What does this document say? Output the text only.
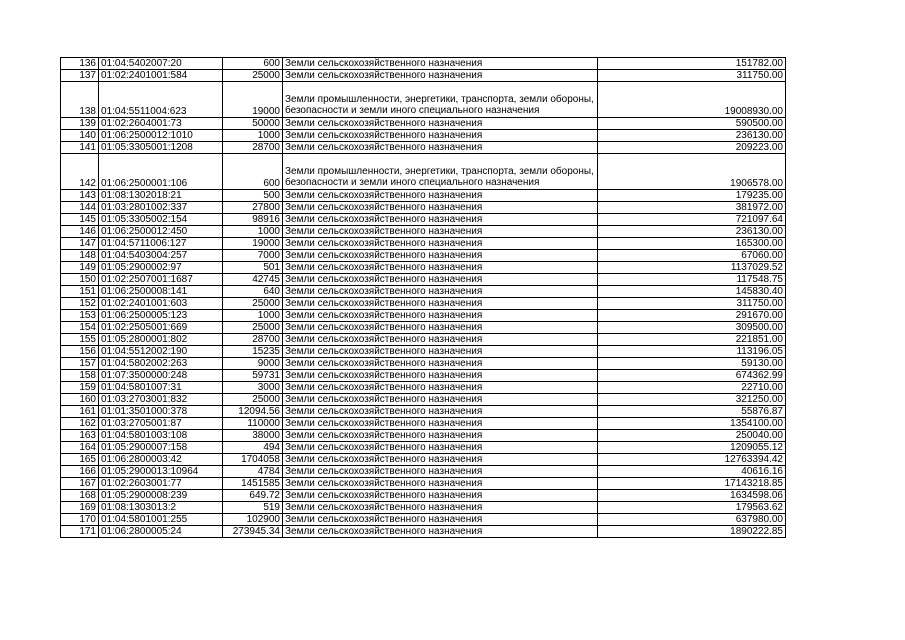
136	01:04:5402007:20	600	Земли сельскохозяйственного назначения	151782.00
137	01:02:2401001:584	25000	Земли сельскохозяйственного назначения	311750.00
138	01:04:5511004:623	19000	Земли промышленности, энергетики, транспорта, земли обороны, безопасности и земли иного специального назначения	19008930.00
139	01:02:2604001:73	50000	Земли сельскохозяйственного назначения	590500.00
140	01:06:2500012:1010	1000	Земли сельскохозяйственного назначения	236130.00
141	01:05:3305001:1208	28700	Земли сельскохозяйственного назначения	209223.00
142	01:06:2500001:106	600	Земли промышленности, энергетики, транспорта, земли обороны, безопасности и земли иного специального назначения	1906578.00
143	01:08:1302018:21	500	Земли сельскохозяйственного назначения	179235.00
144	01:03:2801002:337	27800	Земли сельскохозяйственного назначения	381972.00
145	01:05:3305002:154	98916	Земли сельскохозяйственного назначения	721097.64
146	01:06:2500012:450	1000	Земли сельскохозяйственного назначения	236130.00
147	01:04:5711006:127	19000	Земли сельскохозяйственного назначения	165300.00
148	01:04:5403004:257	7000	Земли сельскохозяйственного назначения	67060.00
149	01:05:2900002:97	501	Земли сельскохозяйственного назначения	1137029.52
150	01:02:2507001:1687	42745	Земли сельскохозяйственного назначения	117548.75
151	01:06:2500008:141	640	Земли сельскохозяйственного назначения	145830.40
152	01:02:2401001:603	25000	Земли сельскохозяйственного назначения	311750.00
153	01:06:2500005:123	1000	Земли сельскохозяйственного назначения	291670.00
154	01:02:2505001:669	25000	Земли сельскохозяйственного назначения	309500.00
155	01:05:2800001:802	28700	Земли сельскохозяйственного назначения	221851.00
156	01:04:5512002:190	15235	Земли сельскохозяйственного назначения	113196.05
157	01:04:5802002:263	9000	Земли сельскохозяйственного назначения	59130.00
158	01:07:3500000:248	59731	Земли сельскохозяйственного назначения	674362.99
159	01:04:5801007:31	3000	Земли сельскохозяйственного назначения	22710.00
160	01:03:2703001:832	25000	Земли сельскохозяйственного назначения	321250.00
161	01:01:3501000:378	12094.56	Земли сельскохозяйственного назначения	55876.87
162	01:03:2705001:87	110000	Земли сельскохозяйственного назначения	1354100.00
163	01:04:5801003:108	38000	Земли сельскохозяйственного назначения	250040.00
164	01:05:2900007:158	494	Земли сельскохозяйственного назначения	1209055.12
165	01:06:2800003:42	1704058	Земли сельскохозяйственного назначения	12763394.42
166	01:05:2900013:10964	4784	Земли сельскохозяйственного назначения	40616.16
167	01:02:2603001:77	1451585	Земли сельскохозяйственного назначения	17143218.85
168	01:05:2900008:239	649.72	Земли сельскохозяйственного назначения	1634598.06
169	01:08:1303013:2	519	Земли сельскохозяйственного назначения	179563.62
170	01:04:5801001:255	102900	Земли сельскохозяйственного назначения	637980.00
171	01:06:2800005:24	273945.34	Земли сельскохозяйственного назначения	1890222.85
